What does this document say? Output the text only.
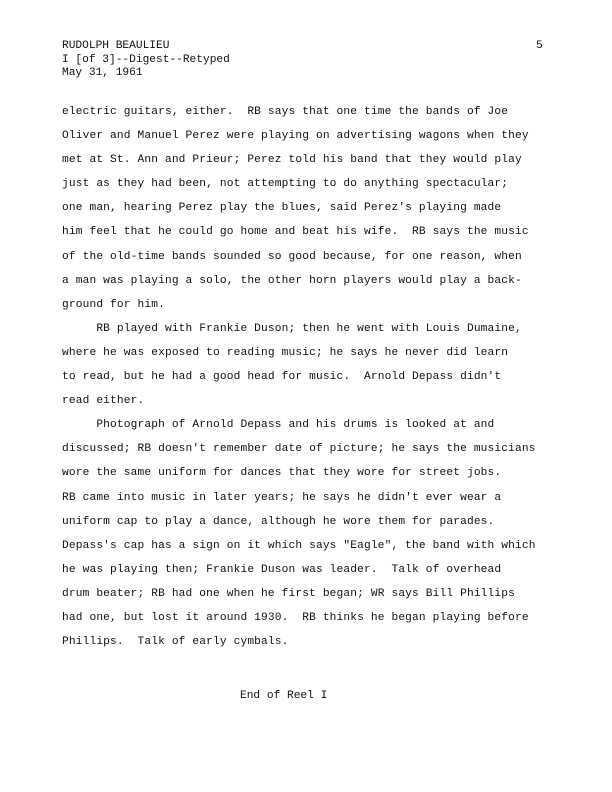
RUDOLPH BEAULIEU
I [of 3]--Digest--Retyped
May 31, 1961
5
electric guitars, either.  RB says that one time the bands of Joe
Oliver and Manuel Perez were playing on advertising wagons when they
met at St. Ann and Prieur; Perez told his band that they would play
just as they had been, not attempting to do anything spectacular;
one man, hearing Perez play the blues, said Perez's playing made
him feel that he could go home and beat his wife.  RB says the music
of the old-time bands sounded so good because, for one reason, when
a man was playing a solo, the other horn players would play a back-
ground for him.
RB played with Frankie Duson; then he went with Louis Dumaine,
where he was exposed to reading music; he says he never did learn
to read, but he had a good head for music.  Arnold Depass didn't
read either.
Photograph of Arnold Depass and his drums is looked at and
discussed; RB doesn't remember date of picture; he says the musicians
wore the same uniform for dances that they wore for street jobs.
RB came into music in later years; he says he didn't ever wear a
uniform cap to play a dance, although he wore them for parades.
Depass's cap has a sign on it which says "Eagle", the band with which
he was playing then; Frankie Duson was leader.  Talk of overhead
drum beater; RB had one when he first began; WR says Bill Phillips
had one, but lost it around 1930.  RB thinks he began playing before
Phillips.  Talk of early cymbals.
End of Reel I
